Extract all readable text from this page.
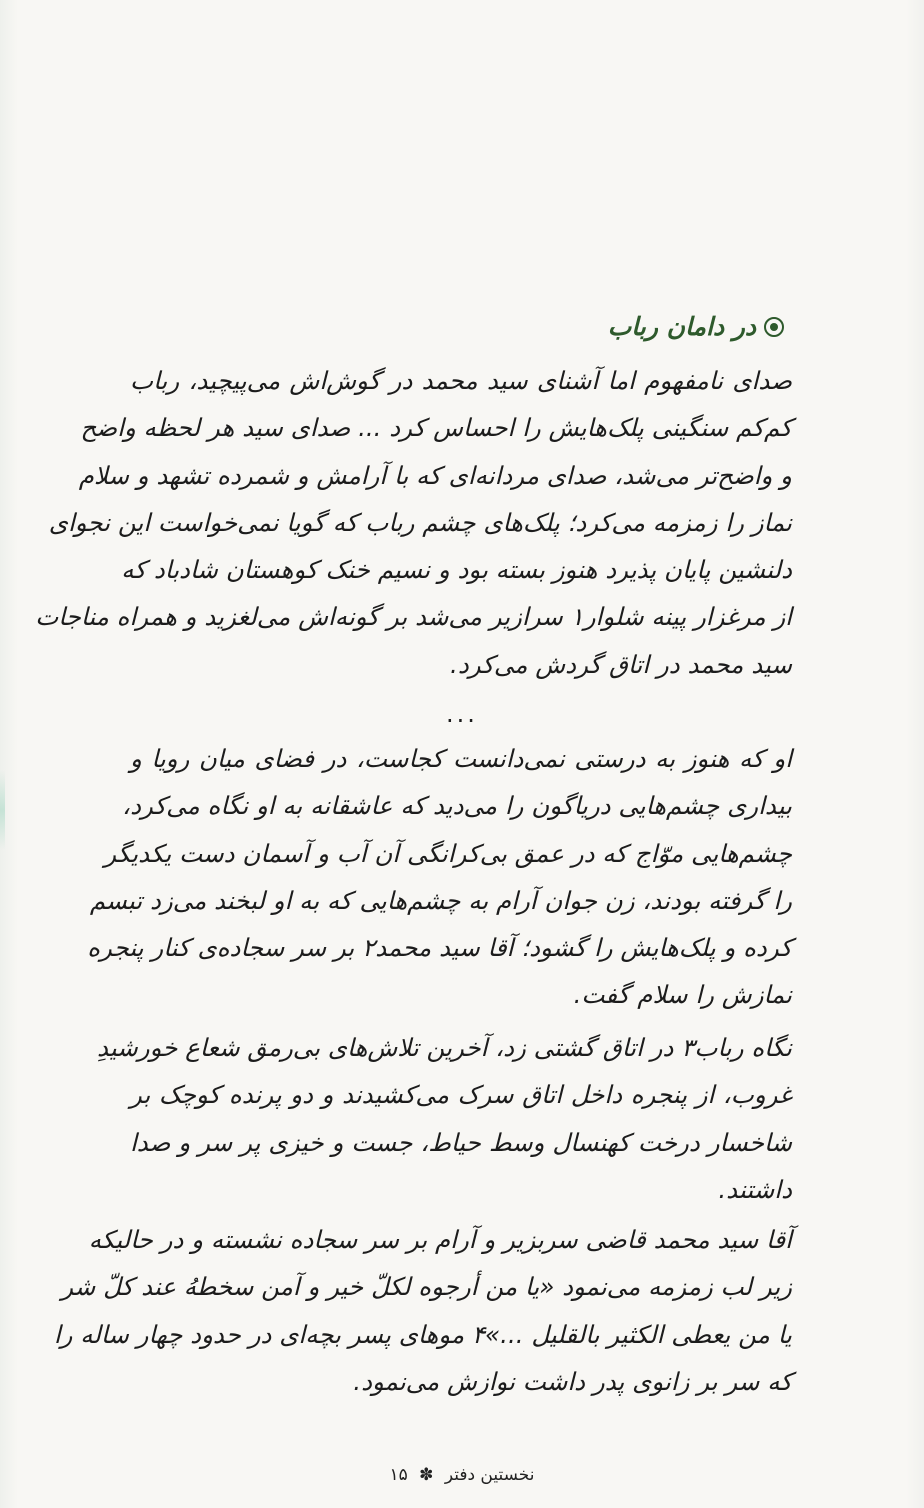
در دامان رباب
صدای نامفهوم اما آشنای سید محمد در گوش‌اش می‌پیچید، رباب
کم‌کم سنگینی پلک‌هایش را احساس کرد ... صدای سید هر لحظه واضح
و واضح‌تر می‌شد، صدای مردانه‌ای که با آرامش و شمرده تشهد و سلام
نماز را زمزمه می‌کرد؛ پلک‌های چشم رباب که گویا نمی‌خواست این نجوای
دلنشین پایان پذیرد هنوز بسته بود و نسیم خنک کوهستان شادباد که
از مرغزار پینه شلوار۱ سرازیر می‌شد بر گونه‌اش می‌لغزید و همراه مناجات
سید محمد در اتاق گردش می‌کرد.
...
او که هنوز به درستی نمی‌دانست کجاست، در فضای میان رویا و
بیداری چشم‌هایی دریاگون را می‌دید که عاشقانه به او نگاه می‌کرد،
چشم‌هایی موّاج که در عمق بی‌کرانگی آن آب و آسمان دست یکدیگر
را گرفته بودند، زن جوان آرام به چشم‌هایی که به او لبخند می‌زد تبسم
کرده و پلک‌هایش را گشود؛ آقا سید محمد۲ بر سر سجاده‌ی کنار پنجره
نمازش را سلام گفت.
نگاه رباب۳ در اتاق گشتی زد، آخرین تلاش‌های بی‌رمق شعاع خورشیدِ
غروب، از پنجره داخل اتاق سرک می‌کشیدند و دو پرنده کوچک بر
شاخسار درخت کهنسال وسط حیاط، جست و خیزی پر سر و صدا
داشتند.
آقا سید محمد قاضی سربزیر و آرام بر سر سجاده نشسته و در حالیکه
زیر لب زمزمه می‌نمود «یا من أرجوه لکلّ خیر و آمن سخطهُ عند کلّ شر
یا من یعطی الکثیر بالقلیل ...»۴ موهای پسر بچه‌ای در حدود چهار ساله را
که سر بر زانوی پدر داشت نوازش می‌نمود.
نخستین دفتر ✽ ۱۵
